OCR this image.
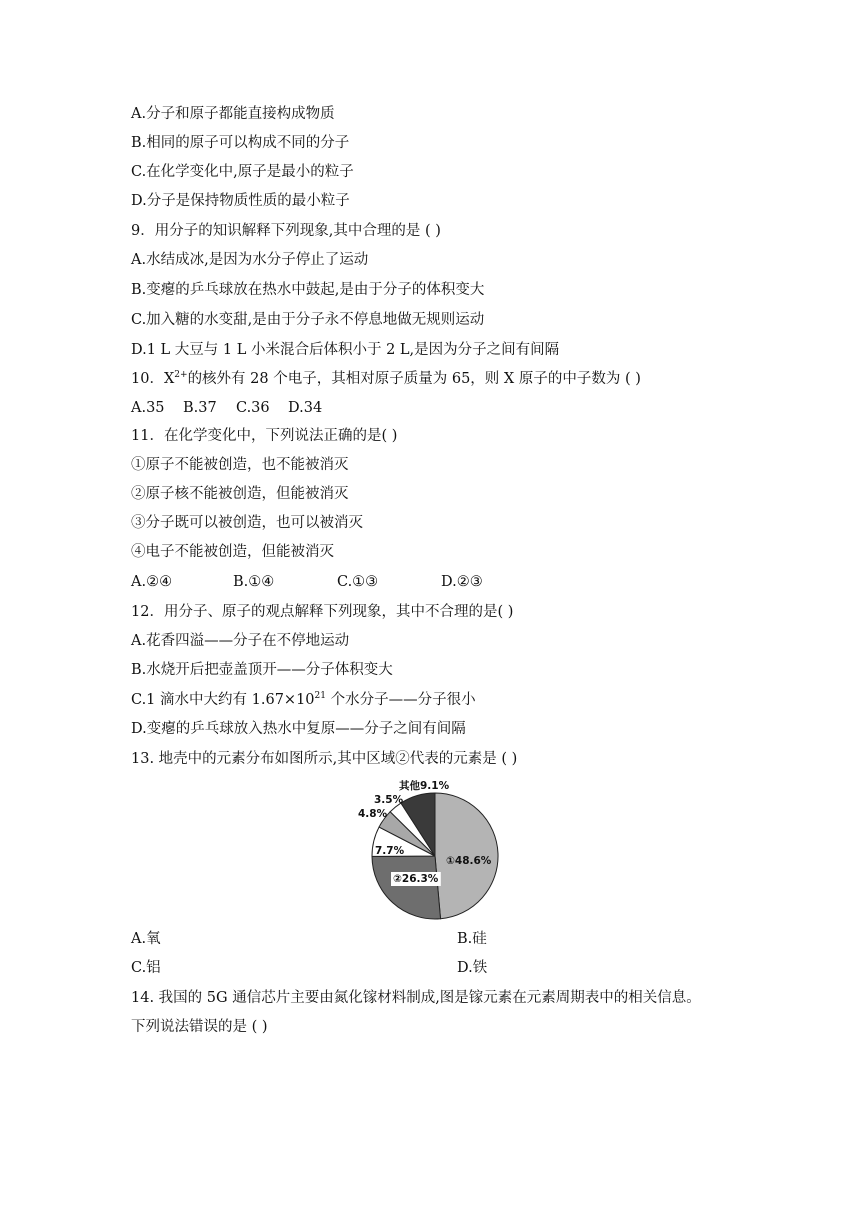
A.分子和原子都能直接构成物质
B.相同的原子可以构成不同的分子
C.在化学变化中,原子是最小的粒子
D.分子是保持物质性质的最小粒子
9．用分子的知识解释下列现象,其中合理的是 ( )
A.水结成冰,是因为水分子停止了运动
B.变瘪的乒乓球放在热水中鼓起,是由于分子的体积变大
C.加入糖的水变甜,是由于分子永不停息地做无规则运动
D.1 L 大豆与 1 L 小米混合后体积小于 2 L,是因为分子之间有间隔
10．$X^{2+}$的核外有 28 个电子，其相对原子质量为 65，则 X 原子的中子数为 ( )
A.35 B.37 C.36 D.34
11．在化学变化中，下列说法正确的是( )
①原子不能被创造，也不能被消灭
②原子核不能被创造，但能被消灭
③分子既可以被创造，也可以被消灭
④电子不能被创造，但能被消灭
A.②④	B.①④	C.①③	D.②③
12．用分子、原子的观点解释下列现象，其中不合理的是( )
A.花香四溢——分子在不停地运动
B.水烧开后把壶盖顶开——分子体积变大
C.1 滴水中大约有 $1.67\times 10^{21}$ 个水分子——分子很小
D.变瘪的乒乓球放入热水中复原——分子之间有间隔
13. 地壳中的元素分布如图所示,其中区域②代表的元素是 ( )
①48.6%
②26.3%
7.7%
4.8%
3.5%
其他9.1%
A.氧	B.硅
C.铝	D.铁
14. 我国的 5G 通信芯片主要由氮化镓材料制成,图是镓元素在元素周期表中的相关信息。
下列说法错误的是 ( )
